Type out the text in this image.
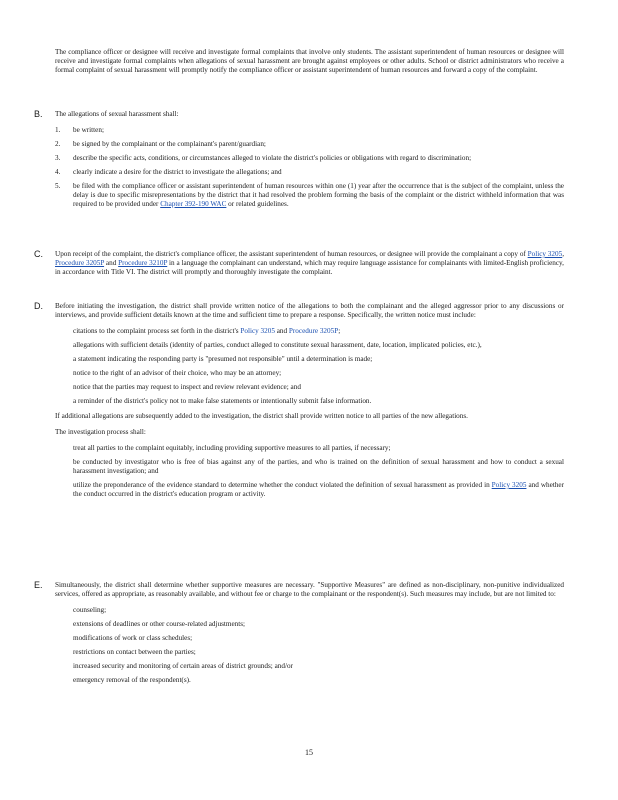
The compliance officer or designee will receive and investigate formal complaints that involve only students. The assistant superintendent of human resources or designee will receive and investigate formal complaints when allegations of sexual harassment are brought against employees or other adults. School or district administrators who receive a formal complaint of sexual harassment will promptly notify the compliance officer or assistant superintendent of human resources and forward a copy of the complaint.

B. The allegations of sexual harassment shall:

1. be written;
2. be signed by the complainant or the complainant's parent/guardian;
3. describe the specific acts, conditions, or circumstances alleged to violate the district's policies or obligations with regard to discrimination;
4. clearly indicate a desire for the district to investigate the allegations; and
5. be filed with the compliance officer or assistant superintendent of human resources within one (1) year after the occurrence that is the subject of the complaint, unless the delay is due to specific misrepresentations by the district that it had resolved the problem forming the basis of the complaint or the district withheld information that was required to be provided under Chapter 392-190 WAC or related guidelines.
C. Upon receipt of the complaint, the district's compliance officer, the assistant superintendent of human resources, or designee will provide the complainant a copy of Policy 3205, Procedure 3205P and Procedure 3210P in a language the complainant can understand, which may require language assistance for complainants with limited-English proficiency, in accordance with Title VI. The district will promptly and thoroughly investigate the complaint.

D. Before initiating the investigation, the district shall provide written notice of the allegations to both the complainant and the alleged aggressor prior to any discussions or interviews, and provide sufficient details known at the time and sufficient time to prepare a response. Specifically, the written notice must include:

citations to the complaint process set forth in the district's Policy 3205 and Procedure 3205P;
allegations with sufficient details (identity of parties, conduct alleged to constitute sexual harassment, date, location, implicated policies, etc.),
a statement indicating the responding party is "presumed not responsible" until a determination is made;
notice to the right of an advisor of their choice, who may be an attorney;
notice that the parties may request to inspect and review relevant evidence; and
a reminder of the district's policy not to make false statements or intentionally submit false information.

If additional allegations are subsequently added to the investigation, the district shall provide written notice to all parties of the new allegations.

The investigation process shall:

treat all parties to the complaint equitably, including providing supportive measures to all parties, if necessary;
be conducted by investigator who is free of bias against any of the parties, and who is trained on the definition of sexual harassment and how to conduct a sexual harassment investigation; and
utilize the preponderance of the evidence standard to determine whether the conduct violated the definition of sexual harassment as provided in Policy 3205 and whether the conduct occurred in the district's education program or activity.
E. Simultaneously, the district shall determine whether supportive measures are necessary. "Supportive Measures" are defined as non-disciplinary, non-punitive individualized services, offered as appropriate, as reasonably available, and without fee or charge to the complainant or the respondent(s). Such measures may include, but are not limited to:

counseling;
extensions of deadlines or other course-related adjustments;
modifications of work or class schedules;
restrictions on contact between the parties;
increased security and monitoring of certain areas of district grounds; and/or
emergency removal of the respondent(s).
15
